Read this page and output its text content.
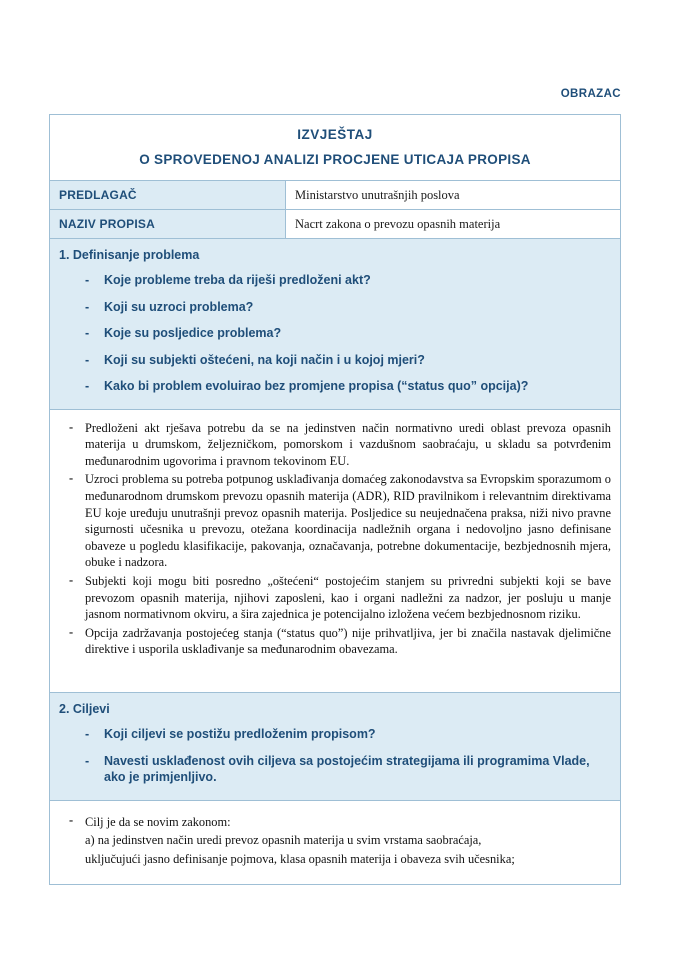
OBRAZAC
IZVJEŠTAJ
O SPROVEDENOJ ANALIZI PROCJENE UTICAJA PROPISA
PREDLAGAČ	Ministarstvo unutrašnjih poslova
NAZIV PROPISA	Nacrt zakona o prevozu opasnih materija
1. Definisanje problema
-
Koje probleme treba da riješi predloženi akt?
-
Koji su uzroci problema?
-
Koje su posljedice problema?
-
Koji su subjekti oštećeni, na koji način i u kojoj mjeri?
-
Kako bi problem evoluirao bez promjene propisa (“status quo” opcija)?
-
Predloženi akt rješava potrebu da se na jedinstven način normativno uredi oblast prevoza opasnih materija u drumskom, željezničkom, pomorskom i vazdušnom saobraćaju, u skladu sa potvrđenim međunarodnim ugovorima i pravnom tekovinom EU.
-
Uzroci problema su potreba potpunog usklađivanja domaćeg zakonodavstva sa Evropskim sporazumom o međunarodnom drumskom prevozu opasnih materija (ADR), RID pravilnikom i relevantnim direktivama EU koje uređuju unutrašnji prevoz opasnih materija. Posljedice su neujednačena praksa, niži nivo pravne sigurnosti učesnika u prevozu, otežana koordinacija nadležnih organa i nedovoljno jasno definisane obaveze u pogledu klasifikacije, pakovanja, označavanja, potrebne dokumentacije, bezbjednosnih mjera, obuke i nadzora.
-
Subjekti koji mogu biti posredno „oštećeni“ postojećim stanjem su privredni subjekti koji se bave prevozom opasnih materija, njihovi zaposleni, kao i organi nadležni za nadzor, jer posluju u manje jasnom normativnom okviru, a šira zajednica je potencijalno izložena većem bezbjednosnom riziku.
-
Opcija zadržavanja postojećeg stanja (“status quo”) nije prihvatljiva, jer bi značila nastavak djelimične direktive i usporila usklađivanje sa međunarodnim obavezama.
2. Ciljevi
-
Koji ciljevi se postižu predloženim propisom?
-
Navesti usklađenost ovih ciljeva sa postojećim strategijama ili programima Vlade, ako je primjenljivo.
-
Cilj je da se novim zakonom:
a) na jedinstven način uredi prevoz opasnih materija u svim vrstama saobraćaja,
uključujući jasno definisanje pojmova, klasa opasnih materija i obaveza svih učesnika;
